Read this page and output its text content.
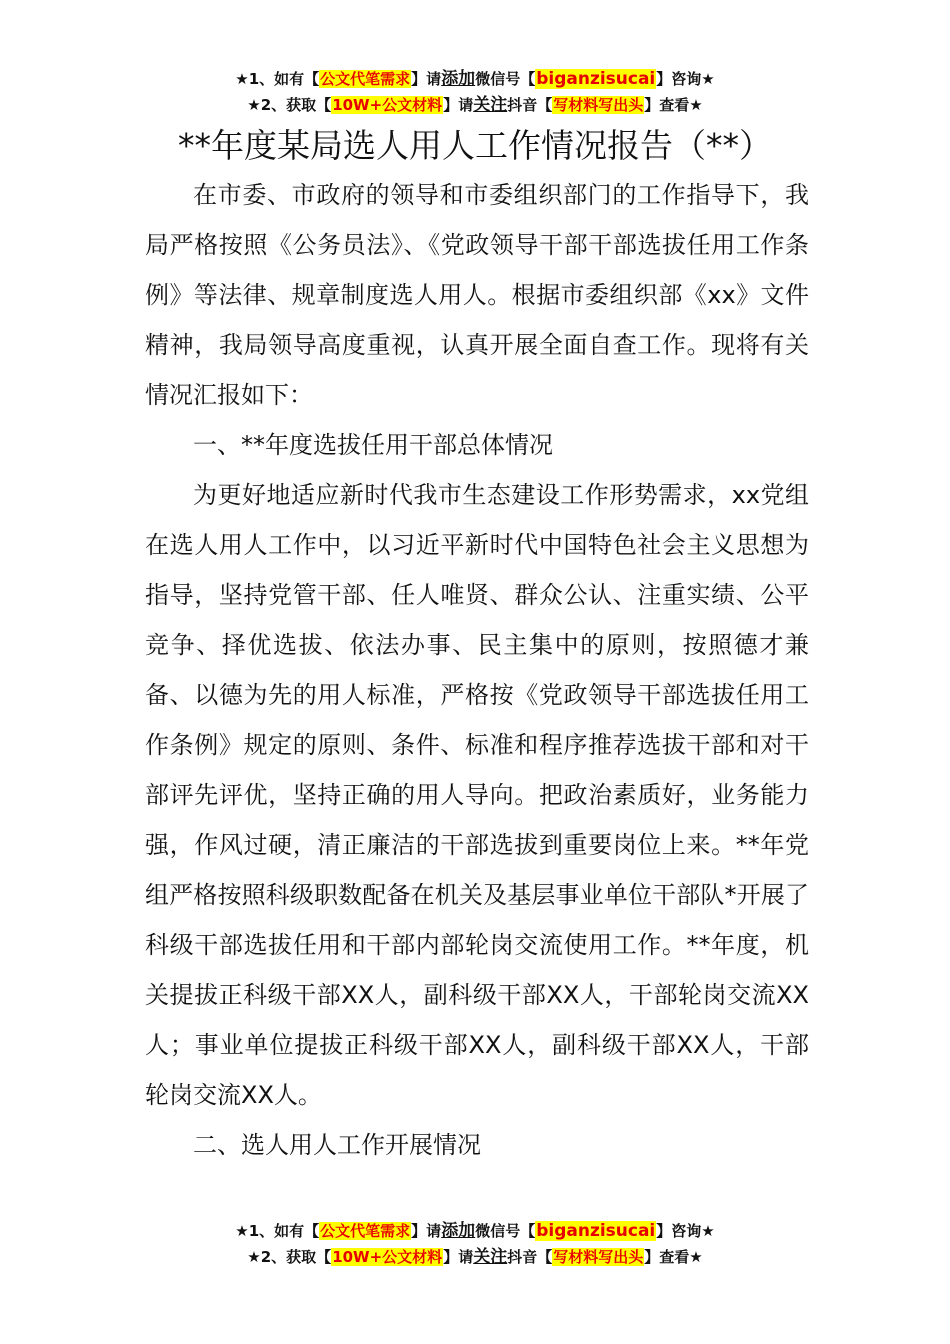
★1、如有【公文代笔需求】请添加微信号【biganzisucai】咨询★
★2、获取【10W+公文材料】请关注抖音【写材料写出头】查看★
**年度某局选人用人工作情况报告（**）

在市委、市政府的领导和市委组织部门的工作指导下，我局严格按照《公务员法》、《党政领导干部干部选拔任用工作条例》等法律、规章制度选人用人。根据市委组织部《xx》文件精神，我局领导高度重视，认真开展全面自查工作。现将有关情况汇报如下：

一、**年度选拔任用干部总体情况

为更好地适应新时代我市生态建设工作形势需求，xx党组在选人用人工作中，以习近平新时代中国特色社会主义思想为指导，坚持党管干部、任人唯贤、群众公认、注重实绩、公平竞争、择优选拔、依法办事、民主集中的原则，按照德才兼备、以德为先的用人标准，严格按《党政领导干部选拔任用工作条例》规定的原则、条件、标准和程序推荐选拔干部和对干部评先评优，坚持正确的用人导向。把政治素质好，业务能力强，作风过硬，清正廉洁的干部选拔到重要岗位上来。**年党组严格按照科级职数配备在机关及基层事业单位干部队*开展了科级干部选拔任用和干部内部轮岗交流使用工作。**年度，机关提拔正科级干部XX人，副科级干部XX人，干部轮岗交流XX人；事业单位提拔正科级干部XX人，副科级干部XX人，干部轮岗交流XX人。

二、选人用人工作开展情况

★1、如有【公文代笔需求】请添加微信号【biganzisucai】咨询★
★2、获取【10W+公文材料】请关注抖音【写材料写出头】查看★
